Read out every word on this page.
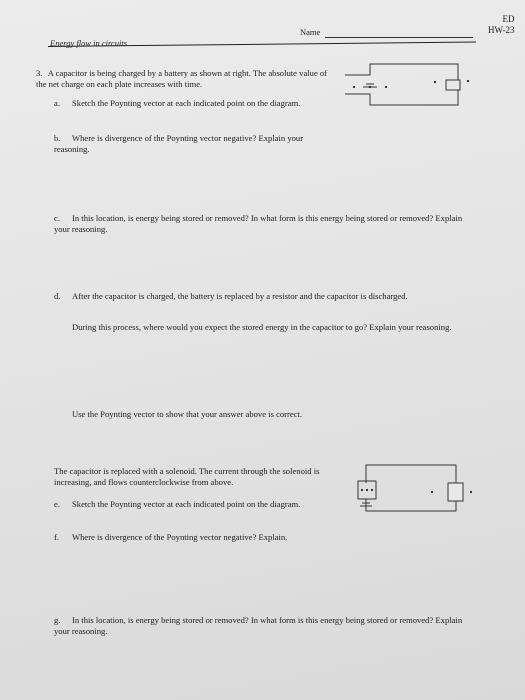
Energy flow in circuits
Name
ED
HW-23
3. A capacitor is being charged by a battery as shown at right. The absolute value of the net charge on each plate increases with time.
a. Sketch the Poynting vector at each indicated point on the diagram.
b. Where is divergence of the Poynting vector negative? Explain your reasoning.
c. In this location, is energy being stored or removed? In what form is this energy being stored or removed? Explain your reasoning.
d. After the capacitor is charged, the battery is replaced by a resistor and the capacitor is discharged.
During this process, where would you expect the stored energy in the capacitor to go? Explain your reasoning.
Use the Poynting vector to show that your answer above is correct.
The capacitor is replaced with a solenoid. The current through the solenoid is increasing, and flows counterclockwise from above.
e. Sketch the Poynting vector at each indicated point on the diagram.
f. Where is divergence of the Poynting vector negative? Explain.
g. In this location, is energy being stored or removed? In what form is this energy being stored or removed? Explain your reasoning.
